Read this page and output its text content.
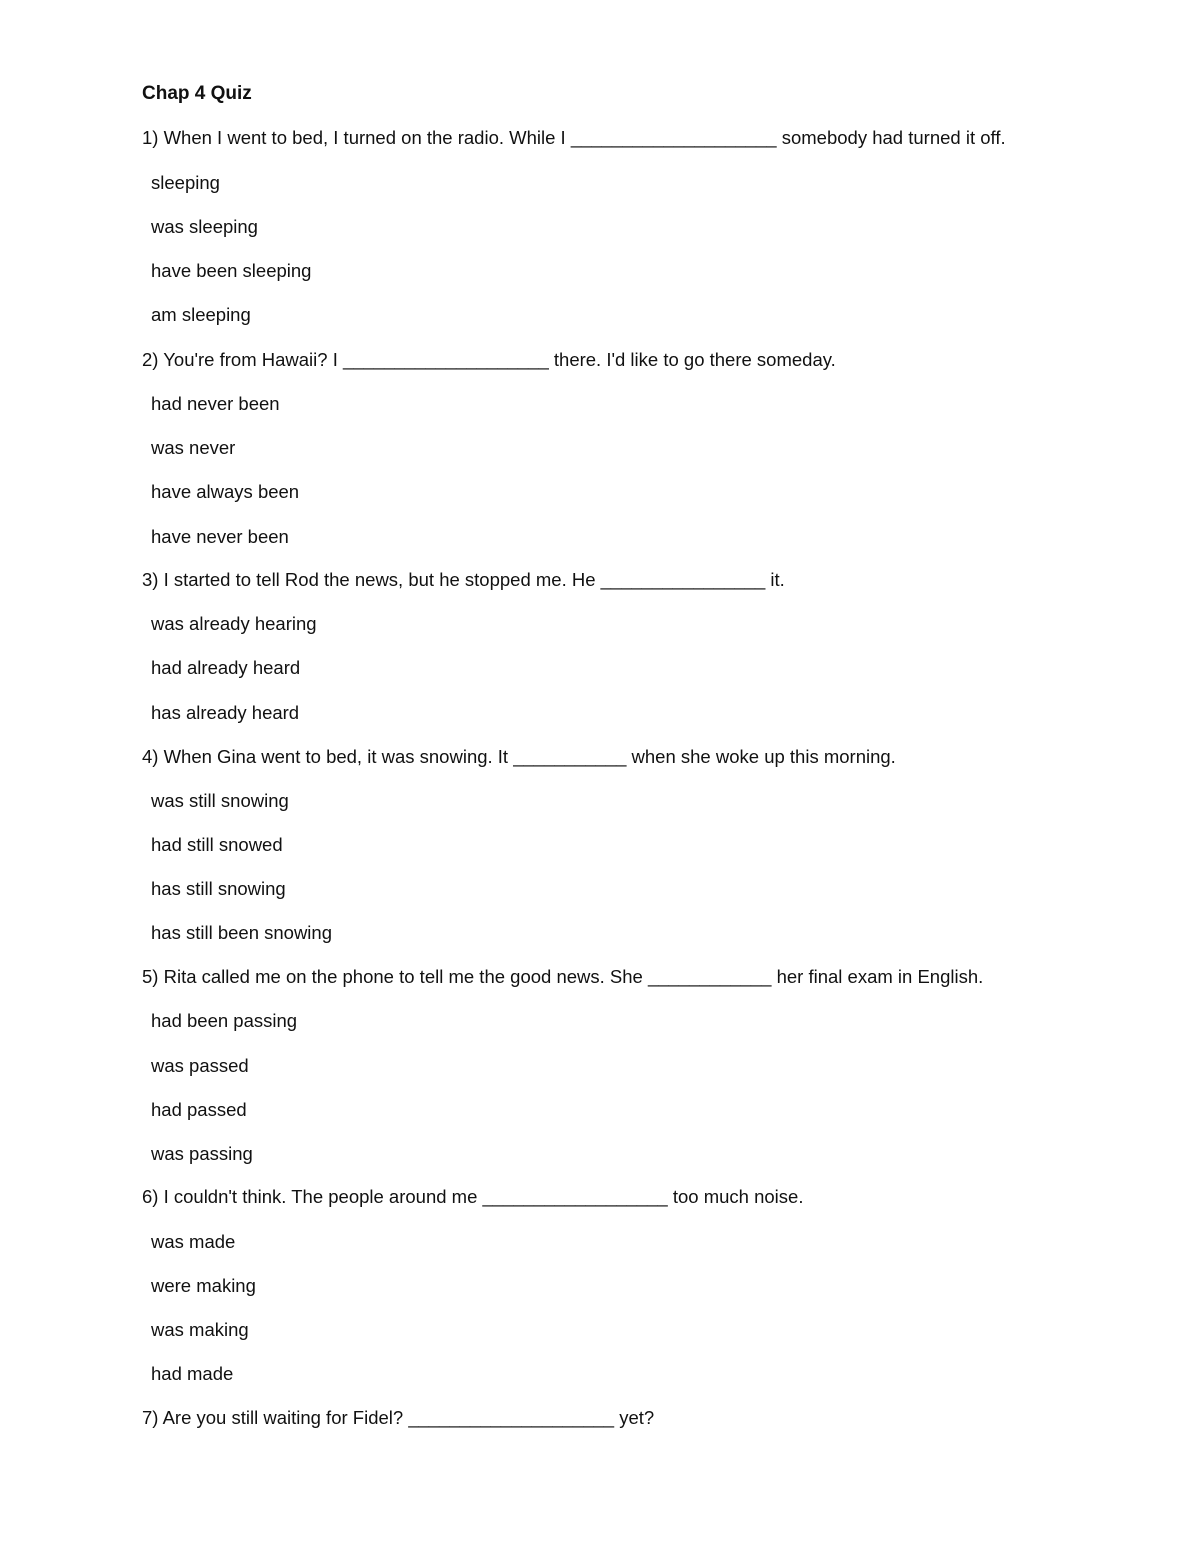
Chap 4 Quiz
1) When I went to bed, I turned on the radio. While I ____________________ somebody had turned it off.
sleeping
was sleeping
have been sleeping
am sleeping
2) You're from Hawaii? I ____________________ there. I'd like to go there someday.
had never been
was never
have always been
have never been
3) I started to tell Rod the news, but he stopped me. He ________________ it.
was already hearing
had already heard
has already heard
4) When Gina went to bed, it was snowing. It ___________ when she woke up this morning.
was still snowing
had still snowed
has still snowing
has still been snowing
5) Rita called me on the phone to tell me the good news. She ____________ her final exam in English.
had been passing
was passed
had passed
was passing
6) I couldn't think. The people around me __________________ too much noise.
was made
were making
was making
had made
7) Are you still waiting for Fidel? ____________________ yet?
